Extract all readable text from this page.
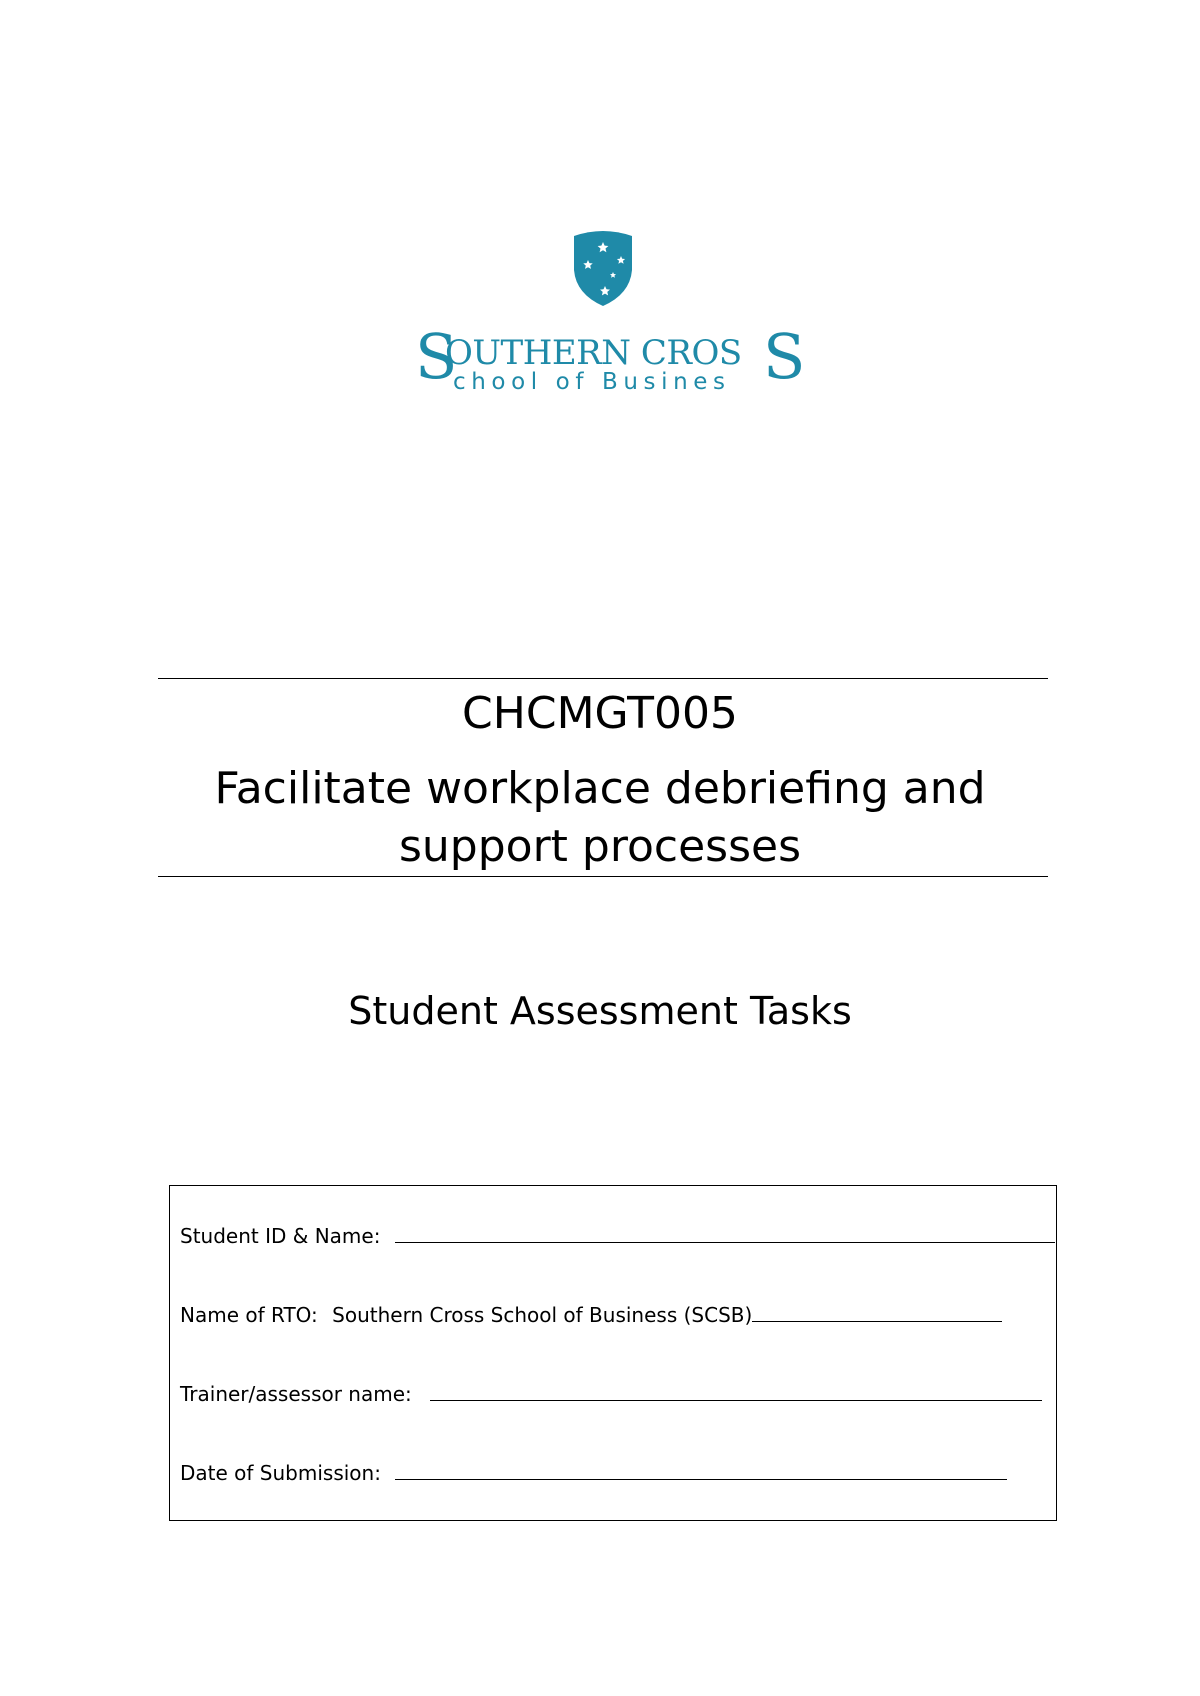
S
OUTHERN CROS
chool of Busines S
CHCMGT005
Facilitate workplace debriefing and support processes
Student Assessment Tasks
Student ID & Name:
Name of RTO: Southern Cross School of Business (SCSB)
Trainer/assessor name:
Date of Submission:
